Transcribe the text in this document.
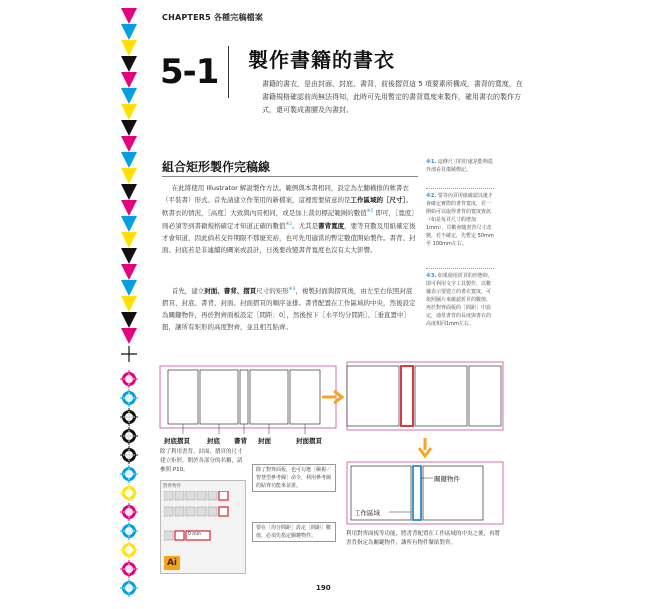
CHAPTER5 各種完稿檔案
5-1 製作書籍的書衣
書籍的書衣，是由封面、封底、書背，前後摺頁這 5 項要素所構成，書背的寬度，在書籍規格確認前尚無法得知，此時可先用暫定的書背寬度來製作，確用書衣的製作方式，還可製成書腰及內書封。
組合矩形製作完稿線
在此將使用 Illustrator 解說製作方法。範例與本書相同，設定為左翻橫排的軟書衣（平裝書）形式。首先請建立作業用的新檔案，這裡需要留意的是工作區域的［尺寸］。軟書衣的情況，［高度］大致與內頁相同，或是加上裁切標記範圍的數值$^{※1}$ 即可，［寬度］則必須等到書籍規格確定才知道正確的數值$^{※2}$。尤其是書背寬度，要等頁數及用紙確定後才會知道，因此倘若交件期限不那麼充裕，也可先用適當的暫定數值開始製作。書背、封面、封底若是非連續的圖案或設計，日後要改變書背寬度也沒有太大影響。
首先，建立封面、書背、摺頁尺寸的矩形$^{※3}$，複製封面與摺頁後，由左至右依照封底摺頁、封底、書背、封面、封面摺頁的順序並排。書背配置在工作區域的中央，然後設定為關鍵物件，再於對齊面板設定［間距：0］，然後按下［水平均分間距］、［垂直置中］鈕，讓所有矩形的高度對齊，並且相互貼齊。
※1. 這條尺寸的好處是能夠從外部看見環繞標記。
※2. 要等內頁用紙確認以後才會確定實際的書背寬度，若一開始可以取得書背的寬度資訊（如是每頁尺寸約增加1mm），頁數會隨書背尺寸改變，若不確定，先暫定 50mm至 100mm左右。
※3. 如果使用折頁的形態時，即可利用文字工具製作，以數據表示要建立的書衣寬度，可依照圖片來確認折頁的數值，再於對齊面板的［間距］中設定，通常書背的長度與書衣的高度相同1mm左右。
封底摺頁	封底 書背 封面	封面摺頁
關鍵物件
工作區域
除了利用書背、封面、摺頁的尺寸建立矩形，開於各部分的名稱，請參照 P10。
對齊物件
0 mm
Ai
除了對齊面板，也可勾選［檢視／智慧型參考線］命令，利用參考線的貼齊功能來並排。
要在［均分間距］設定［間距］數值，必須先指定關鍵物件。	利用對齊面板等功能，將書背配置在工作區域的中央之後，再將書背指定為關鍵物件，讓所有物件緊貼對齊。
190
